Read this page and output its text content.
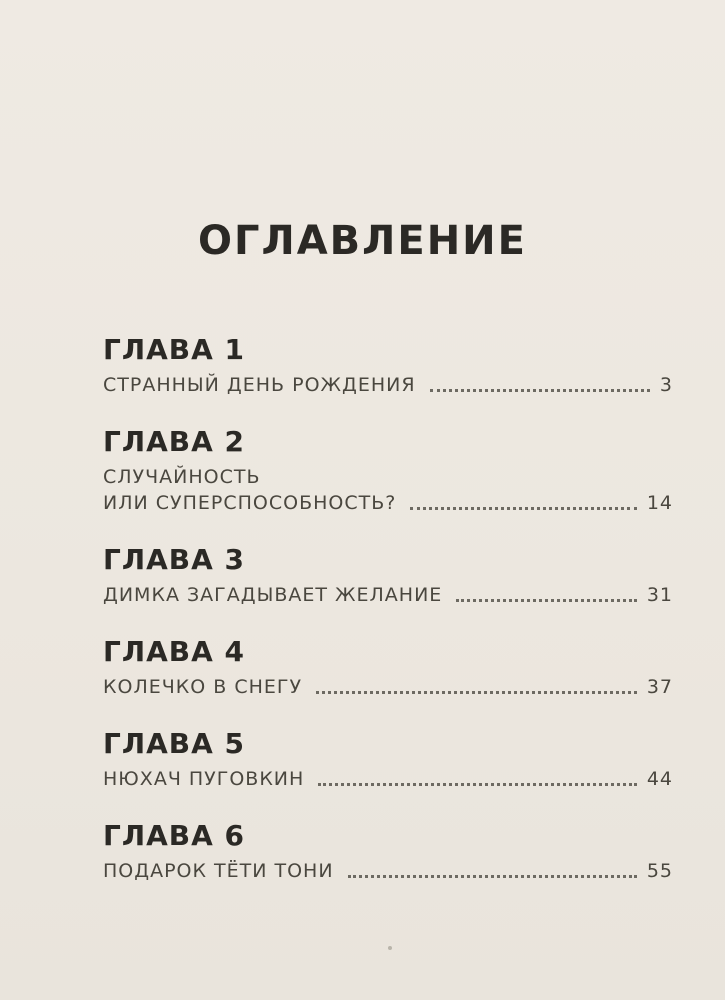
ОГЛАВЛЕНИЕ
ГЛАВА 1
СТРАННЫЙ ДЕНЬ РОЖДЕНИЯ	3
ГЛАВА 2
СЛУЧАЙНОСТЬ
ИЛИ СУПЕРСПОСОБНОСТЬ?	14
ГЛАВА 3
ДИМКА ЗАГАДЫВАЕТ ЖЕЛАНИЕ	31
ГЛАВА 4
КОЛЕЧКО В СНЕГУ	37
ГЛАВА 5
НЮХАЧ ПУГОВКИН	44
ГЛАВА 6
ПОДАРОК ТЁТИ ТОНИ	55
